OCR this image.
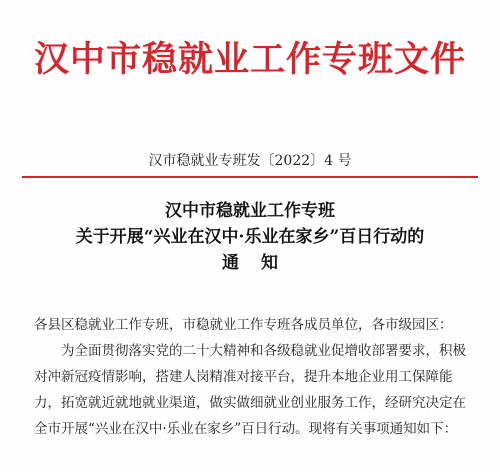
汉中市稳就业工作专班文件
汉市稳就业专班发〔2022〕4 号
汉中市稳就业工作专班
关于开展“兴业在汉中·乐业在家乡”百日行动的
通知

各县区稳就业工作专班，市稳就业工作专班各成员单位，各市级园区：

为全面贯彻落实党的二十大精神和各级稳就业促增收部署要求，积极对冲新冠疫情影响，搭建人岗精准对接平台，提升本地企业用工保障能力，拓宽就近就地就业渠道，做实做细就业创业服务工作，经研究决定在全市开展“兴业在汉中·乐业在家乡”百日行动。现将有关事项通知如下：
